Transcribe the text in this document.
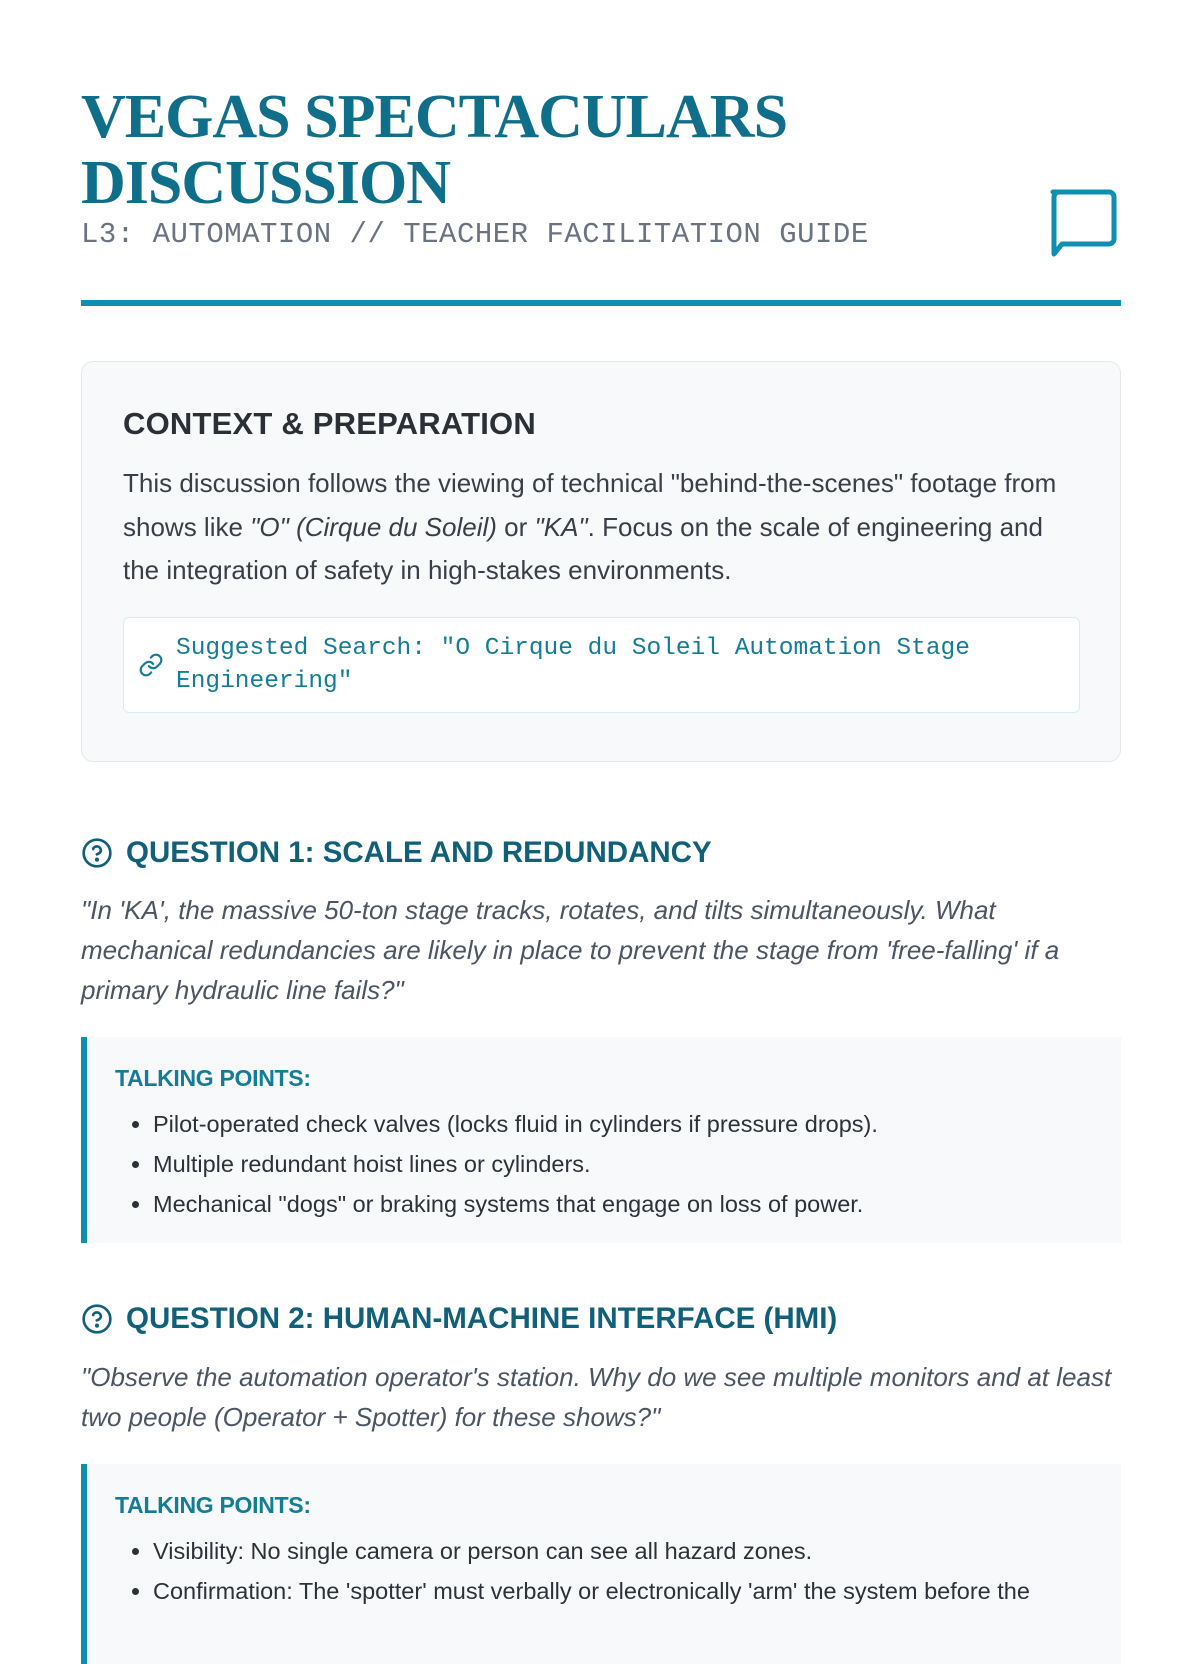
VEGAS SPECTACULARS
DISCUSSION
L3: AUTOMATION // TEACHER FACILITATION GUIDE
CONTEXT & PREPARATION

This discussion follows the viewing of technical "behind-the-scenes" footage from shows like "O" (Cirque du Soleil) or "KA". Focus on the scale of engineering and the integration of safety in high-stakes environments.

Suggested Search: "O Cirque du Soleil Automation Stage Engineering"
QUESTION 1: SCALE AND REDUNDANCY
"In 'KA', the massive 50-ton stage tracks, rotates, and tilts simultaneously. What mechanical redundancies are likely in place to prevent the stage from 'free-falling' if a primary hydraulic line fails?"
TALKING POINTS:
• Pilot-operated check valves (locks fluid in cylinders if pressure drops).
• Multiple redundant hoist lines or cylinders.
• Mechanical "dogs" or braking systems that engage on loss of power.
QUESTION 2: HUMAN-MACHINE INTERFACE (HMI)
"Observe the automation operator's station. Why do we see multiple monitors and at least two people (Operator + Spotter) for these shows?"
TALKING POINTS:
• Visibility: No single camera or person can see all hazard zones.
• Confirmation: The 'spotter' must verbally or electronically 'arm' the system before the
